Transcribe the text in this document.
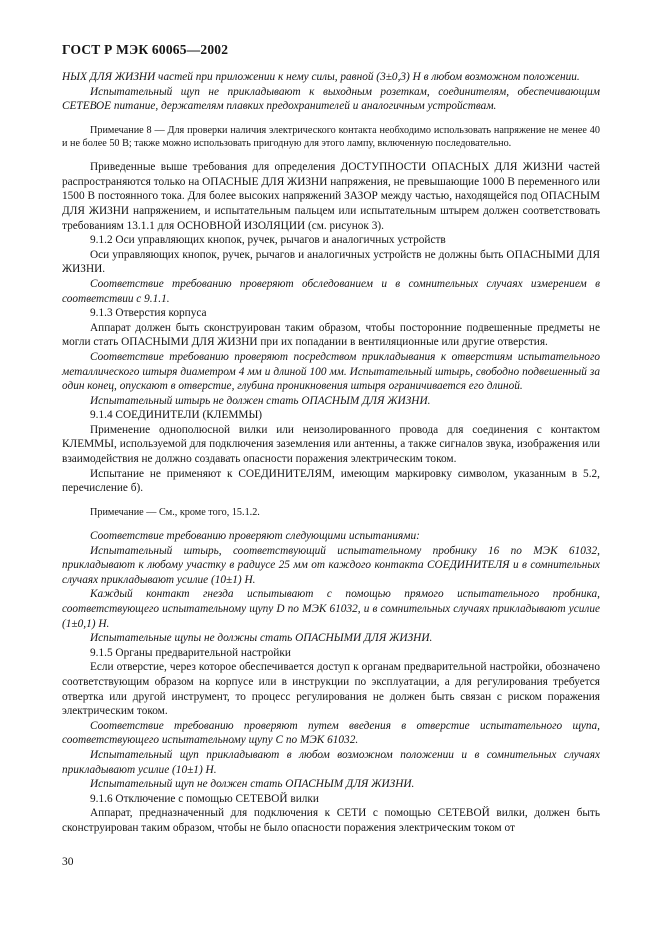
ГОСТ Р МЭК 60065—2002

НЫХ ДЛЯ ЖИЗНИ частей при приложении к нему силы, равной (3±0,3) Н в любом возможном положении.

Испытательный щуп не прикладывают к выходным розеткам, соединителям, обеспечивающим СЕТЕВОЕ питание, держателям плавких предохранителей и аналогичным устройствам.

Примечание 8 — Для проверки наличия электрического контакта необходимо использовать напряжение не менее 40 и не более 50 В; также можно использовать пригодную для этого лампу, включенную последовательно.

Приведенные выше требования для определения ДОСТУПНОСТИ ОПАСНЫХ ДЛЯ ЖИЗНИ частей распространяются только на ОПАСНЫЕ ДЛЯ ЖИЗНИ напряжения, не превышающие 1000 В переменного или 1500 В постоянного тока. Для более высоких напряжений ЗАЗОР между частью, находящейся под ОПАСНЫМ ДЛЯ ЖИЗНИ напряжением, и испытательным пальцем или испытательным штырем должен соответствовать требованиям 13.1.1 для ОСНОВНОЙ ИЗОЛЯЦИИ (см. рисунок 3).

9.1.2 Оси управляющих кнопок, ручек, рычагов и аналогичных устройств

Оси управляющих кнопок, ручек, рычагов и аналогичных устройств не должны быть ОПАСНЫМИ ДЛЯ ЖИЗНИ.

Соответствие требованию проверяют обследованием и в сомнительных случаях измерением в соответствии с 9.1.1.

9.1.3 Отверстия корпуса

Аппарат должен быть сконструирован таким образом, чтобы посторонние подвешенные предметы не могли стать ОПАСНЫМИ ДЛЯ ЖИЗНИ при их попадании в вентиляционные или другие отверстия.

Соответствие требованию проверяют посредством прикладывания к отверстиям испытательного металлического штыря диаметром 4 мм и длиной 100 мм. Испытательный штырь, свободно подвешенный за один конец, опускают в отверстие, глубина проникновения штыря ограничивается его длиной.

Испытательный штырь не должен стать ОПАСНЫМ ДЛЯ ЖИЗНИ.

9.1.4 СОЕДИНИТЕЛИ (КЛЕММЫ)

Применение однополюсной вилки или неизолированного провода для соединения с контактом КЛЕММЫ, используемой для подключения заземления или антенны, а также сигналов звука, изображения или взаимодействия не должно создавать опасности поражения электрическим током.

Испытание не применяют к СОЕДИНИТЕЛЯМ, имеющим маркировку символом, указанным в 5.2, перечисление б).

Примечание — См., кроме того, 15.1.2.

Соответствие требованию проверяют следующими испытаниями:

Испытательный штырь, соответствующий испытательному пробнику 16 по МЭК 61032, прикладывают к любому участку в радиусе 25 мм от каждого контакта СОЕДИНИТЕЛЯ и в сомнительных случаях прикладывают усилие (10±1) Н.

Каждый контакт гнезда испытывают с помощью прямого испытательного пробника, соответствующего испытательному щупу D по МЭК 61032, и в сомнительных случаях прикладывают усилие (1±0,1) Н.

Испытательные щупы не должны стать ОПАСНЫМИ ДЛЯ ЖИЗНИ.

9.1.5 Органы предварительной настройки

Если отверстие, через которое обеспечивается доступ к органам предварительной настройки, обозначено соответствующим образом на корпусе или в инструкции по эксплуатации, а для регулирования требуется отвертка или другой инструмент, то процесс регулирования не должен быть связан с риском поражения электрическим током.

Соответствие требованию проверяют путем введения в отверстие испытательного щупа, соответствующего испытательному щупу С по МЭК 61032.

Испытательный щуп прикладывают в любом возможном положении и в сомнительных случаях прикладывают усилие (10±1) Н.

Испытательный щуп не должен стать ОПАСНЫМ ДЛЯ ЖИЗНИ.

9.1.6 Отключение с помощью СЕТЕВОЙ вилки

Аппарат, предназначенный для подключения к СЕТИ с помощью СЕТЕВОЙ вилки, должен быть сконструирован таким образом, чтобы не было опасности поражения электрическим током от

30
